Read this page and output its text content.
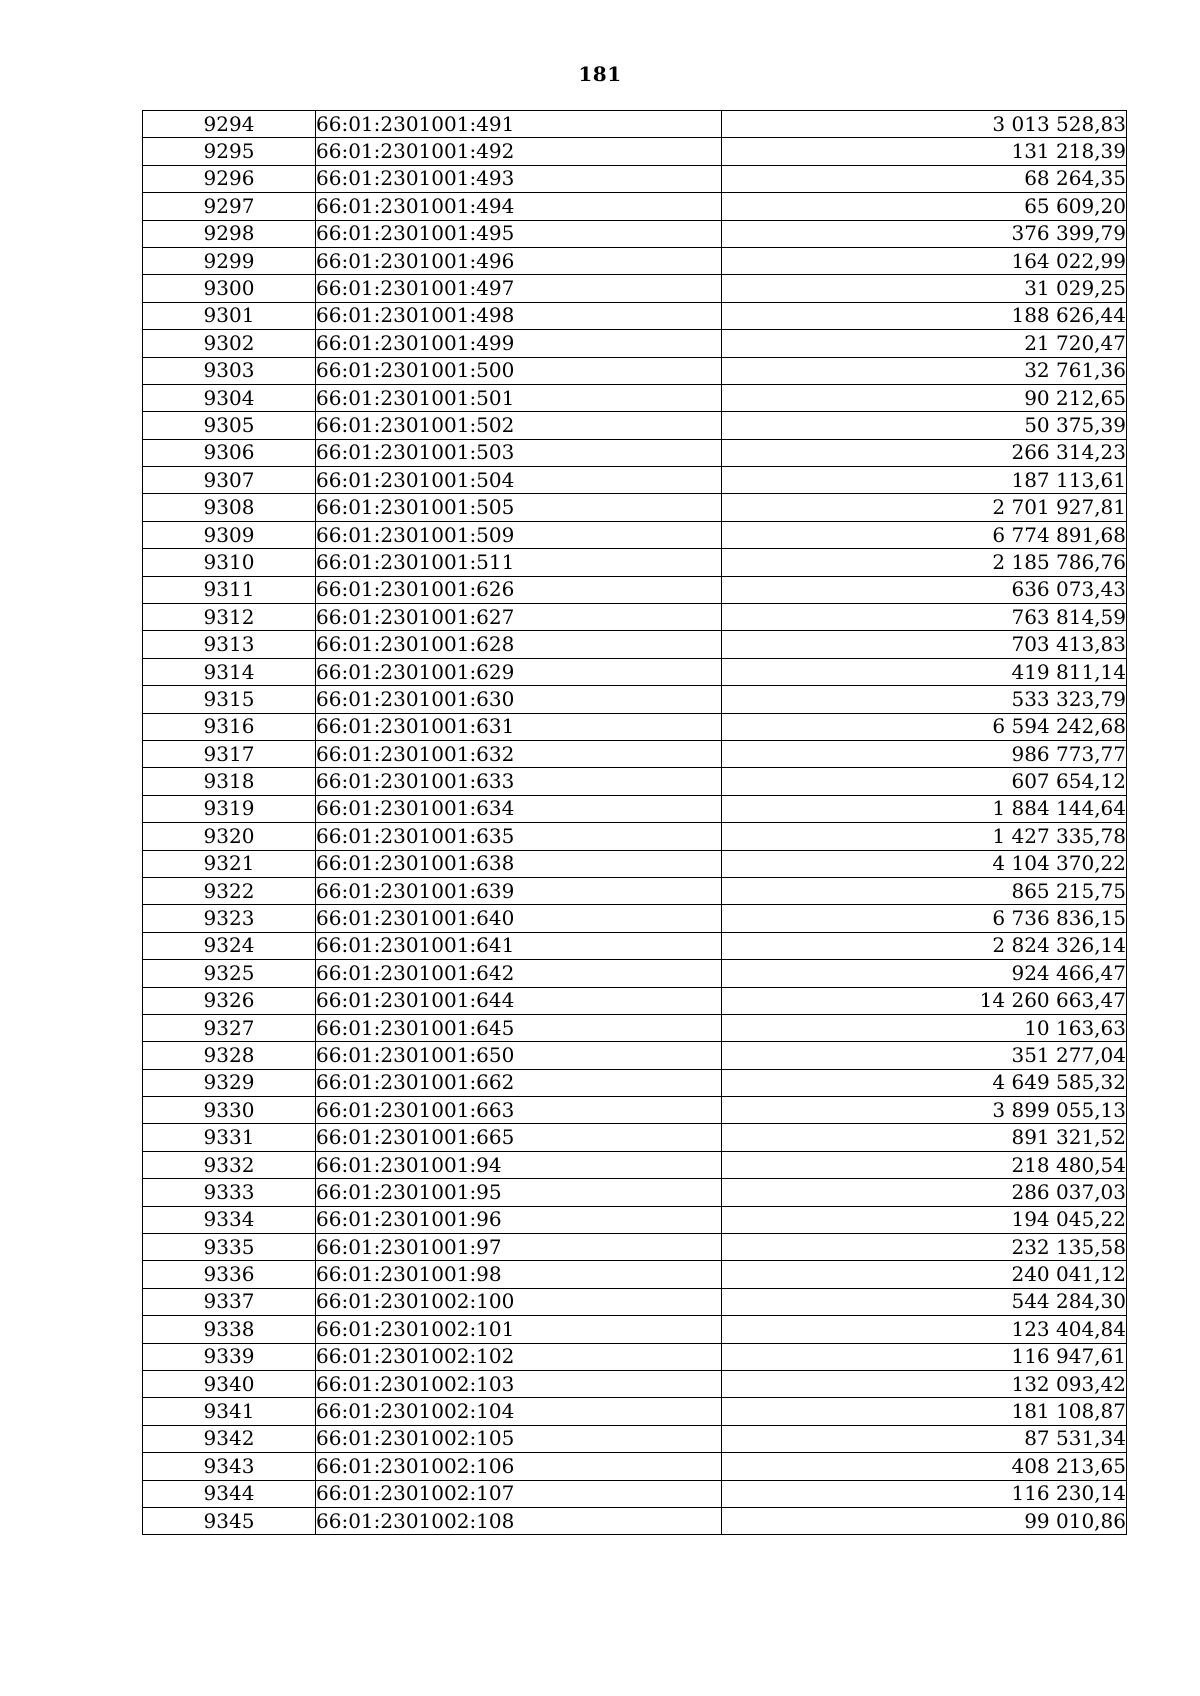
181
9294	66:01:2301001:491	3 013 528,83
9295	66:01:2301001:492	131 218,39
9296	66:01:2301001:493	68 264,35
9297	66:01:2301001:494	65 609,20
9298	66:01:2301001:495	376 399,79
9299	66:01:2301001:496	164 022,99
9300	66:01:2301001:497	31 029,25
9301	66:01:2301001:498	188 626,44
9302	66:01:2301001:499	21 720,47
9303	66:01:2301001:500	32 761,36
9304	66:01:2301001:501	90 212,65
9305	66:01:2301001:502	50 375,39
9306	66:01:2301001:503	266 314,23
9307	66:01:2301001:504	187 113,61
9308	66:01:2301001:505	2 701 927,81
9309	66:01:2301001:509	6 774 891,68
9310	66:01:2301001:511	2 185 786,76
9311	66:01:2301001:626	636 073,43
9312	66:01:2301001:627	763 814,59
9313	66:01:2301001:628	703 413,83
9314	66:01:2301001:629	419 811,14
9315	66:01:2301001:630	533 323,79
9316	66:01:2301001:631	6 594 242,68
9317	66:01:2301001:632	986 773,77
9318	66:01:2301001:633	607 654,12
9319	66:01:2301001:634	1 884 144,64
9320	66:01:2301001:635	1 427 335,78
9321	66:01:2301001:638	4 104 370,22
9322	66:01:2301001:639	865 215,75
9323	66:01:2301001:640	6 736 836,15
9324	66:01:2301001:641	2 824 326,14
9325	66:01:2301001:642	924 466,47
9326	66:01:2301001:644	14 260 663,47
9327	66:01:2301001:645	10 163,63
9328	66:01:2301001:650	351 277,04
9329	66:01:2301001:662	4 649 585,32
9330	66:01:2301001:663	3 899 055,13
9331	66:01:2301001:665	891 321,52
9332	66:01:2301001:94	218 480,54
9333	66:01:2301001:95	286 037,03
9334	66:01:2301001:96	194 045,22
9335	66:01:2301001:97	232 135,58
9336	66:01:2301001:98	240 041,12
9337	66:01:2301002:100	544 284,30
9338	66:01:2301002:101	123 404,84
9339	66:01:2301002:102	116 947,61
9340	66:01:2301002:103	132 093,42
9341	66:01:2301002:104	181 108,87
9342	66:01:2301002:105	87 531,34
9343	66:01:2301002:106	408 213,65
9344	66:01:2301002:107	116 230,14
9345	66:01:2301002:108	99 010,86
